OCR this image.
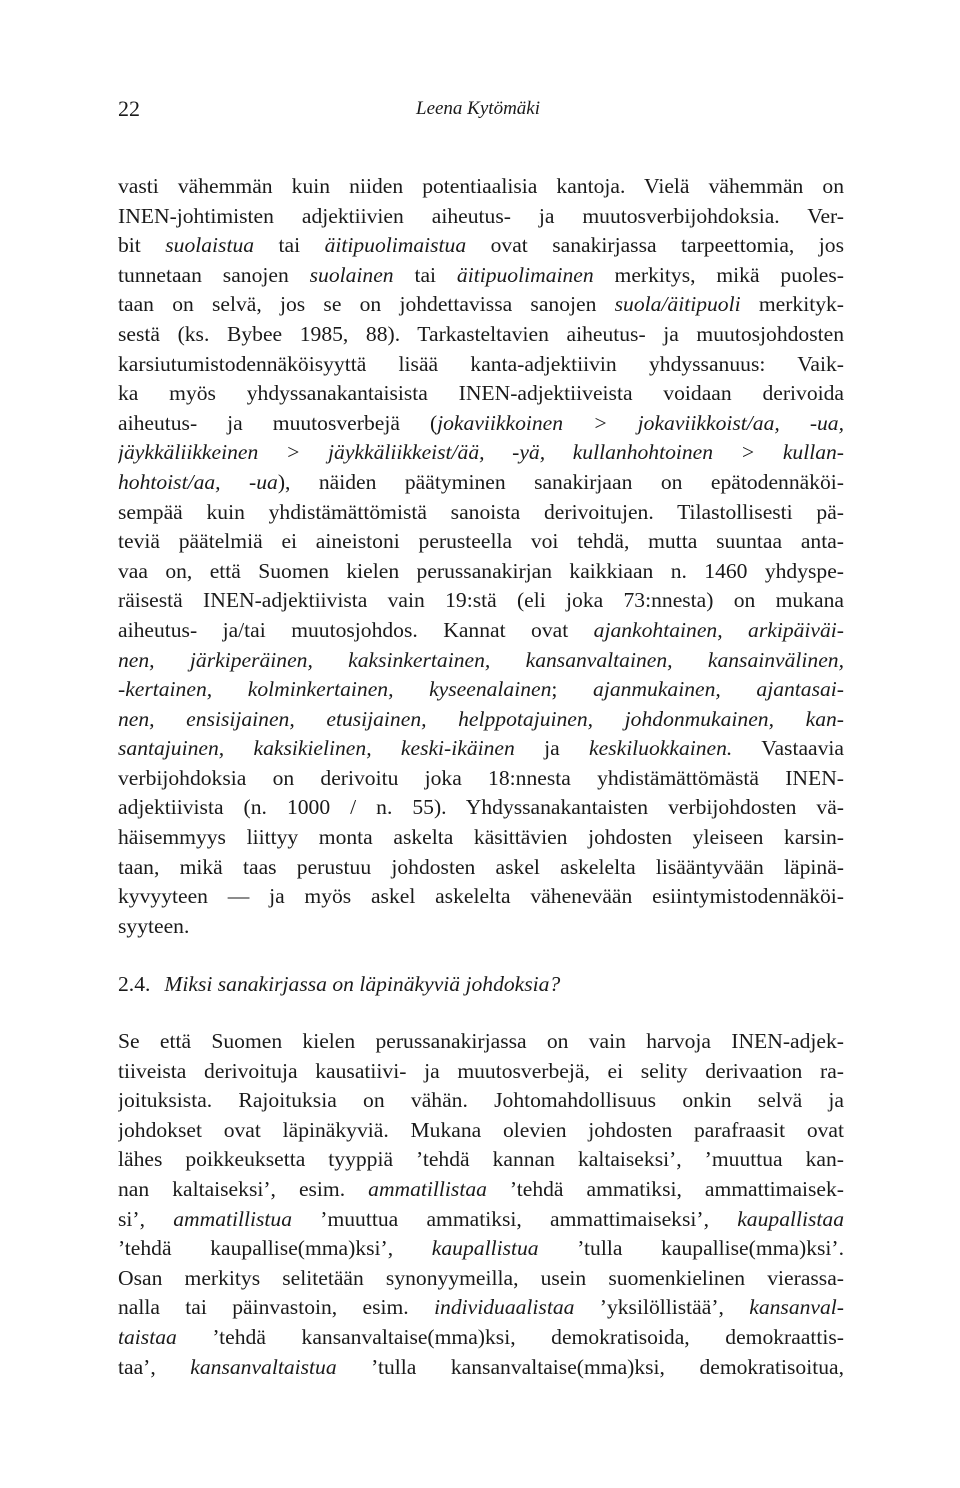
22	Leena Kytömäki
vasti vähemmän kuin niiden potentiaalisia kantoja. Vielä vähemmän on
INEN-johtimisten adjektiivien aiheutus- ja muutosverbijohdoksia. Ver-
bit suolaistua tai äitipuolimaistua ovat sanakirjassa tarpeettomia, jos
tunnetaan sanojen suolainen tai äitipuolimainen merkitys, mikä puoles-
taan on selvä, jos se on johdettavissa sanojen suola/äitipuoli merkityk-
sestä (ks. Bybee 1985, 88). Tarkasteltavien aiheutus- ja muutosjohdosten
karsiutumistodennäköisyyttä lisää kanta-adjektiivin yhdyssanuus: Vaik-
ka myös yhdyssanakantaisista INEN-adjektiiveista voidaan derivoida
aiheutus- ja muutosverbejä (jokaviikkoinen > jokaviikkoist/aa, -ua,
jäykkäliikkeinen > jäykkäliikkeist/ää, -yä, kullanhohtoinen > kullan-
hohtoist/aa, -ua), näiden päätyminen sanakirjaan on epätodennäköi-
sempää kuin yhdistämättömistä sanoista derivoitujen. Tilastollisesti pä-
teviä päätelmiä ei aineistoni perusteella voi tehdä, mutta suuntaa anta-
vaa on, että Suomen kielen perussanakirjan kaikkiaan n. 1460 yhdyspe-
räisestä INEN-adjektiivista vain 19:stä (eli joka 73:nnesta) on mukana
aiheutus- ja/tai muutosjohdos. Kannat ovat ajankohtainen, arkipäiväi-
nen, järkiperäinen, kaksinkertainen, kansanvaltainen, kansainvälinen,
-kertainen, kolminkertainen, kyseenalainen; ajanmukainen, ajantasai-
nen, ensisijainen, etusijainen, helppotajuinen, johdonmukainen, kan-
santajuinen, kaksikielinen, keski-ikäinen ja keskiluokkainen. Vastaavia
verbijohdoksia on derivoitu joka 18:nnesta yhdistämättömästä INEN-
adjektiivista (n. 1000 / n. 55). Yhdyssanakantaisten verbijohdosten vä-
häisemmyys liittyy monta askelta käsittävien johdosten yleiseen karsin-
taan, mikä taas perustuu johdosten askel askelelta lisääntyvään läpinä-
kyvyyteen — ja myös askel askelelta vähenevään esiintymistodennäköi-
syyteen.
2.4. Miksi sanakirjassa on läpinäkyviä johdoksia?
Se että Suomen kielen perussanakirjassa on vain harvoja INEN-adjek-
tiiveista derivoituja kausatiivi- ja muutosverbejä, ei selity derivaation ra-
joituksista. Rajoituksia on vähän. Johtomahdollisuus onkin selvä ja
johdokset ovat läpinäkyviä. Mukana olevien johdosten parafraasit ovat
lähes poikkeuksetta tyyppiä ’tehdä kannan kaltaiseksi’, ’muuttua kan-
nan kaltaiseksi’, esim. ammatillistaa ’tehdä ammatiksi, ammattimaisek-
si’, ammatillistua ’muuttua ammatiksi, ammattimaiseksi’, kaupallistaa
’tehdä kaupallise(mma)ksi’, kaupallistua ’tulla kaupallise(mma)ksi’.
Osan merkitys selitetään synonyymeilla, usein suomenkielinen vierassa-
nalla tai päinvastoin, esim. individuaalistaa ’yksilöllistää’, kansanval-
taistaa ’tehdä kansanvaltaise(mma)ksi, demokratisoida, demokraattis-
taa’, kansanvaltaistua ’tulla kansanvaltaise(mma)ksi, demokratisoitua,
